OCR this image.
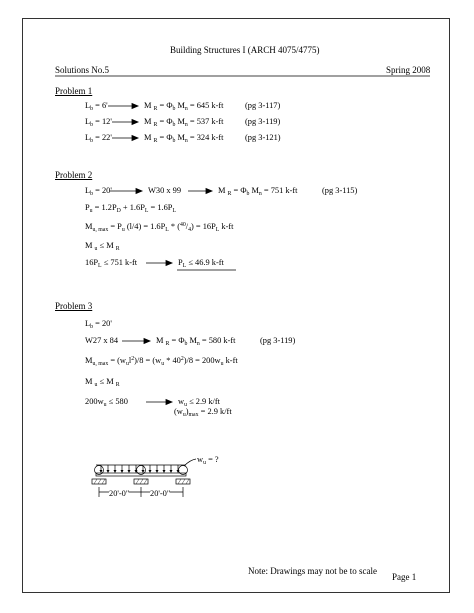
Building Structures I (ARCH 4075/4775)
Solutions No.5	Spring 2008
Problem 1
$L_b = 6'$	M $_R = \Phi_b$ $M_n = 645$ k-ft	(pg 3-117)
$L_b = 12'$	M $_R = \Phi_b$ $M_n = 537$ k-ft	(pg 3-119)
$L_b = 22'$	M $_R = \Phi_b$ $M_n = 324$ k-ft	(pg 3-121)
Problem 2
$L_b = 20'$	W30 x 99	M $_R = \Phi_b$ $M_n = 751$ k-ft	(pg 3-115)
$P_u = 1.2P_D + 1.6P_L = 1.6P_L$
$M_{u, max} = P_u$ $(l/4) = 1.6P_L * (^{40}/_4) = 16P_L$ k-ft
M $_u$ ≤ M $_R$
$16P_L \le 751$ k-ft	$P_L \le 46.9$ k-ft
Problem 3
$L_b = 20'$
W27 x 84	M $_R = \Phi_b$ $M_n = 580$ k-ft	(pg 3-119)
$M_{u, max} = (w_ul^2)/8 = (w_u * 40^2)/8 = 200w_u$ k-ft
M $_u$ ≤ M $_R$
$200w_u \le 580$	$w_u \le 2.9$ k/ft
$(w_u)_{max} = 2.9$ k/ft
$w_u$ = ?
20'-0" 20'-0"
Note: Drawings may not be to scale
Page 1
